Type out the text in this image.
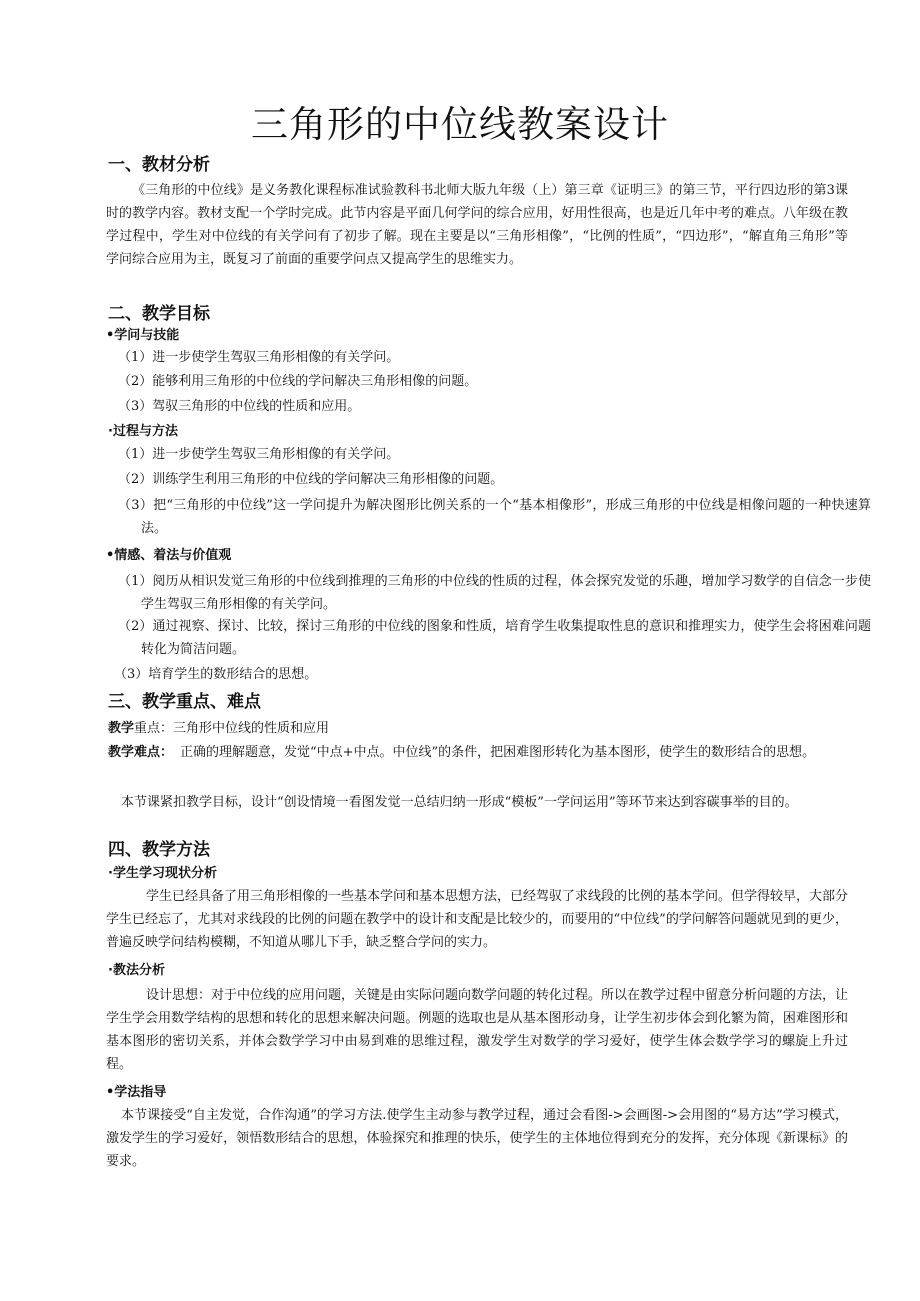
三角形的中位线教案设计
一、教材分析
《三角形的中位线》是义务教化课程标准试验教科书北师大版九年级（上）第三章《证明三》的第三节，平行四边形的第3课时的教学内容。教材支配一个学时完成。此节内容是平面几何学问的综合应用，好用性很高，也是近几年中考的难点。八年级在教学过程中，学生对中位线的有关学问有了初步了解。现在主要是以“三角形相像”，“比例的性质”，“四边形”，“解直角三角形”等学问综合应用为主，既复习了前面的重要学问点又提高学生的思维实力。
二、教学目标
•学问与技能
（1）进一步使学生驾驭三角形相像的有关学问。
（2）能够利用三角形的中位线的学问解决三角形相像的问题。
（3）驾驭三角形的中位线的性质和应用。
·过程与方法
（1）进一步使学生驾驭三角形相像的有关学问。
（2）训练学生利用三角形的中位线的学问解决三角形相像的问题。
（3）把“三角形的中位线”这一学问提升为解决图形比例关系的一个“基本相像形”，形成三角形的中位线是相像问题的一种快速算法。
•情感、着法与价值观
（1）阅历从相识发觉三角形的中位线到推理的三角形的中位线的性质的过程，体会探究发觉的乐趣，增加学习数学的自信念一步使学生驾驭三角形相像的有关学问。
（2）通过视察、探讨、比较，探讨三角形的中位线的图象和性质，培育学生收集提取性息的意识和推理实力，使学生会将困难问题转化为简洁问题。
（3）培育学生的数形结合的思想。
三、教学重点、难点
教学重点：三角形中位线的性质和应用
教学难点： 正确的理解题意，发觉“中点+中点。中位线”的条件，把困难图形转化为基本图形，使学生的数形结合的思想。
本节课紧扣教学目标，设计“创设情境一看图发觉一总结归纳一形成“模板”一学问运用”等环节来达到容碳事举的目的。
四、教学方法
·学生学习现状分析
学生已经具备了用三角形相像的一些基本学问和基本思想方法，已经驾驭了求线段的比例的基本学问。但学得较早，大部分学生已经忘了，尤其对求线段的比例的问题在教学中的设计和支配是比较少的，而要用的“中位线”的学问解答问题就见到的更少，普遍反映学问结构模糊，不知道从哪儿下手，缺乏整合学问的实力。
·教法分析
设计思想：对于中位线的应用问题，关键是由实际问题向数学问题的转化过程。所以在教学过程中留意分析问题的方法，让学生学会用数学结构的思想和转化的思想来解决问题。例题的选取也是从基本图形动身，让学生初步体会到化繁为简，困难图形和基本图形的密切关系，并体会数学学习中由易到难的思维过程，激发学生对数学的学习爱好，使学生体会数学学习的螺旋上升过程。
•学法指导
本节课接受“自主发觉，合作沟通”的学习方法.使学生主动参与教学过程，通过会看图->会画图->会用图的“易方达”学习模式，激发学生的学习爱好，领悟数形结合的思想，体验探究和推理的快乐，使学生的主体地位得到充分的发挥，充分体现《新课标》的要求。
